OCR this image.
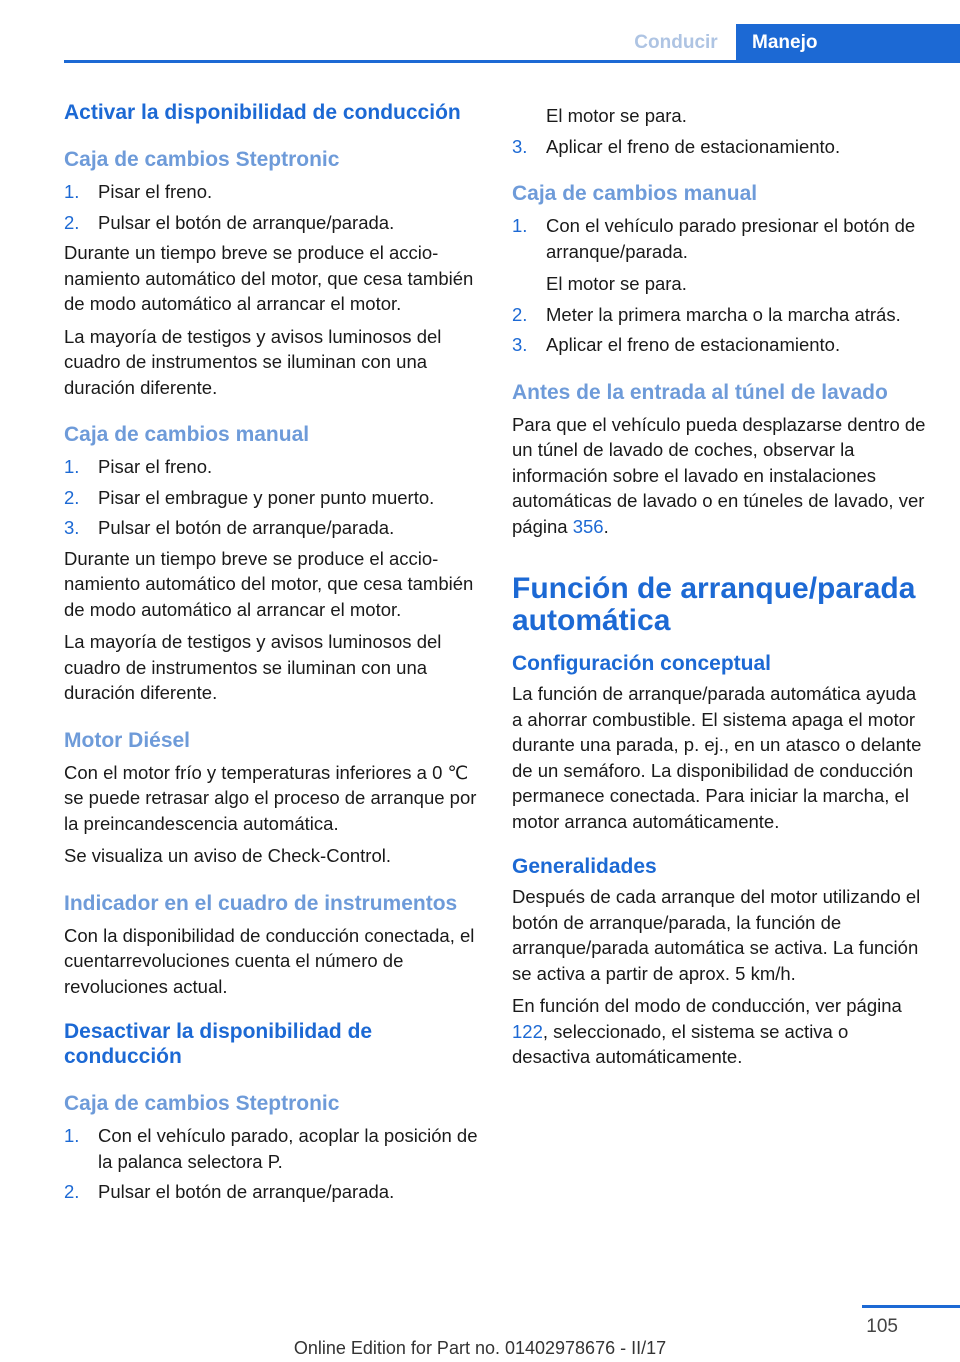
Conducir	Manejo
Activar la disponibilidad de conducción
Caja de cambios Steptronic
1. Pisar el freno.
2. Pulsar el botón de arranque/parada.

Durante un tiempo breve se produce el accionamiento automático del motor, que cesa también de modo automático al arrancar el motor.

La mayoría de testigos y avisos luminosos del cuadro de instrumentos se iluminan con una duración diferente.

Caja de cambios manual
1. Pisar el freno.
2. Pisar el embrague y poner punto muerto.
3. Pulsar el botón de arranque/parada.

Durante un tiempo breve se produce el accionamiento automático del motor, que cesa también de modo automático al arrancar el motor.

La mayoría de testigos y avisos luminosos del cuadro de instrumentos se iluminan con una duración diferente.

Motor Diésel

Con el motor frío y temperaturas inferiores a 0 ℃ se puede retrasar algo el proceso de arranque por la preincandescencia automática.

Se visualiza un aviso de Check-Control.

Indicador en el cuadro de instrumentos

Con la disponibilidad de conducción conectada, el cuentarrevoluciones cuenta el número de revoluciones actual.

Desactivar la disponibilidad de conducción
Caja de cambios Steptronic
1. Con el vehículo parado, acoplar la posición de la palanca selectora P.
2. Pulsar el botón de arranque/parada.
El motor se para.
3. Aplicar el freno de estacionamiento.
Caja de cambios manual
1. Con el vehículo parado presionar el botón de arranque/parada.
El motor se para.
2. Meter la primera marcha o la marcha atrás.
3. Aplicar el freno de estacionamiento.
Antes de la entrada al túnel de lavado

Para que el vehículo pueda desplazarse dentro de un túnel de lavado de coches, observar la información sobre el lavado en instalaciones automáticas de lavado o en túneles de lavado, ver página 356.

Función de arranque/parada automática
Configuración conceptual

La función de arranque/parada automática ayuda a ahorrar combustible. El sistema apaga el motor durante una parada, p. ej., en un atasco o delante de un semáforo. La disponibilidad de conducción permanece conectada. Para iniciar la marcha, el motor arranca automáticamente.

Generalidades

Después de cada arranque del motor utilizando el botón de arranque/parada, la función de arranque/parada automática se activa. La función se activa a partir de aprox. 5 km/h.

En función del modo de conducción, ver página 122, seleccionado, el sistema se activa o desactiva automáticamente.

105
Online Edition for Part no. 01402978676 - II/17
